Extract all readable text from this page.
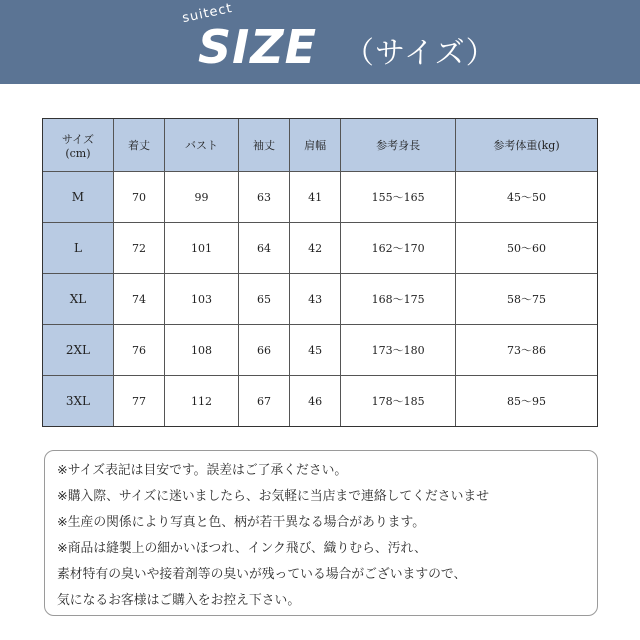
suitect
SIZE （サイズ）
サイズ
(cm)	着丈	バスト	袖丈	肩幅	参考身長	参考体重(kg)
M	70	99	63	41	155〜165	45〜50
L	72	101	64	42	162〜170	50〜60
XL	74	103	65	43	168〜175	58〜75
2XL	76	108	66	45	173〜180	73〜86
3XL	77	112	67	46	178〜185	85〜95
※サイズ表記は目安です。誤差はご了承ください。
※購入際、サイズに迷いましたら、お気軽に当店まで連絡してくださいませ
※生産の関係により写真と色、柄が若干異なる場合があります。
※商品は縫製上の細かいほつれ、インク飛び、織りむら、汚れ、
素材特有の臭いや接着剤等の臭いが残っている場合がございますので、
気になるお客様はご購入をお控え下さい。
